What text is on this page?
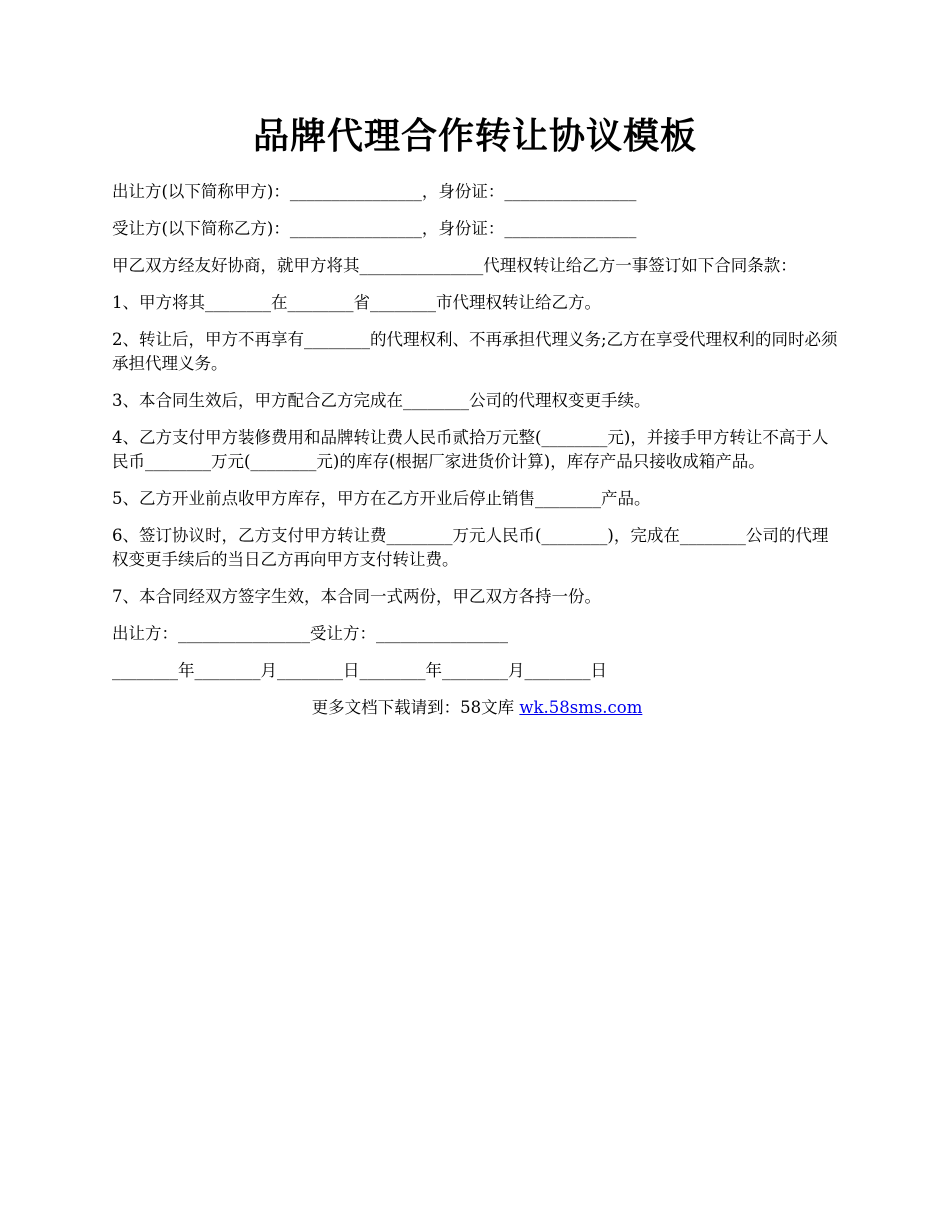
品牌代理合作转让协议模板

出让方(以下简称甲方)：________________，身份证：________________

受让方(以下简称乙方)：________________，身份证：________________

甲乙双方经友好协商，就甲方将其_______________代理权转让给乙方一事签订如下合同条款：

1、甲方将其________在________省________市代理权转让给乙方。

2、转让后，甲方不再享有________的代理权利、不再承担代理义务;乙方在享受代理权利的同时必须承担代理义务。

3、本合同生效后，甲方配合乙方完成在________公司的代理权变更手续。

4、乙方支付甲方装修费用和品牌转让费人民币贰拾万元整(________元)，并接手甲方转让不高于人民币________万元(________元)的库存(根据厂家进货价计算)，库存产品只接收成箱产品。

5、乙方开业前点收甲方库存，甲方在乙方开业后停止销售________产品。

6、签订协议时，乙方支付甲方转让费________万元人民币(________)，完成在________公司的代理权变更手续后的当日乙方再向甲方支付转让费。

7、本合同经双方签字生效，本合同一式两份，甲乙双方各持一份。

出让方：________________受让方：________________

________年________月________日________年________月________日

更多文档下载请到：58文库 wk.58sms.com
